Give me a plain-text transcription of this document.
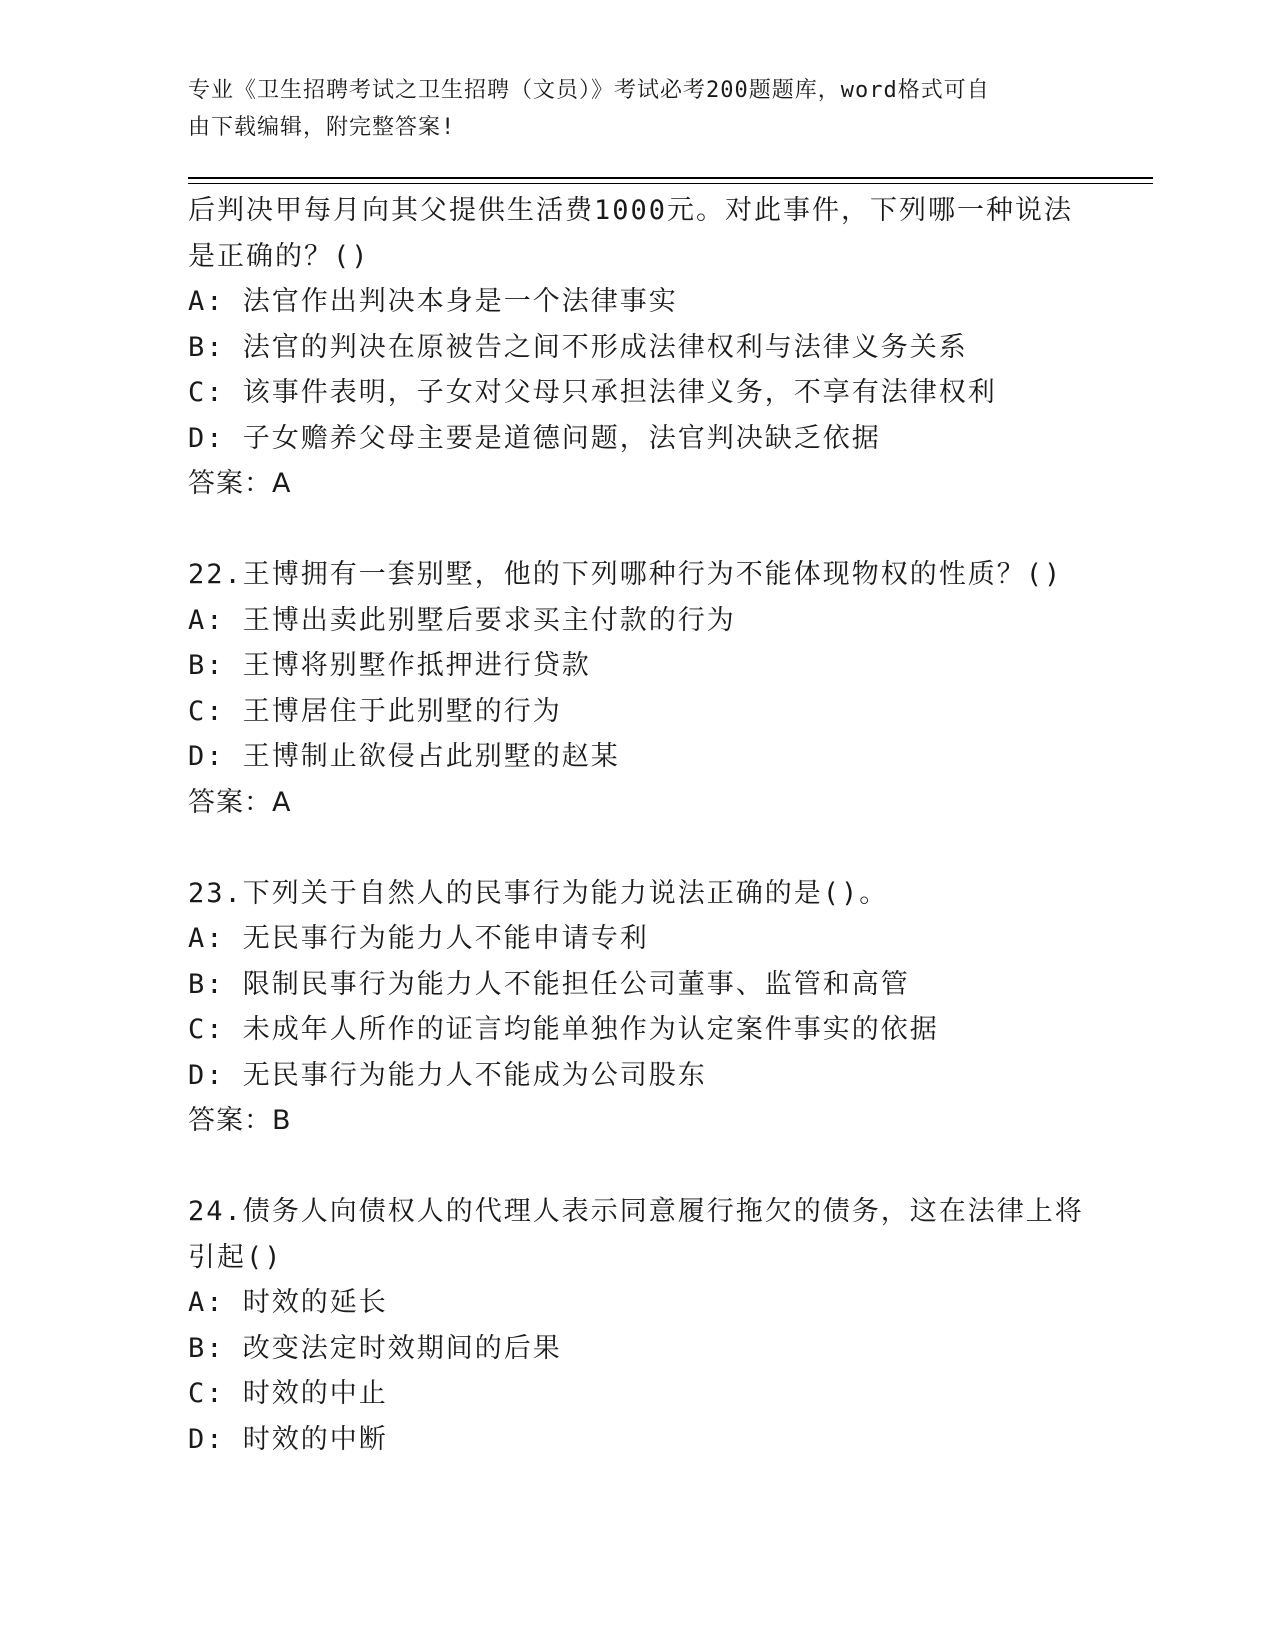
专业《卫生招聘考试之卫生招聘（文员）》考试必考200题题库，word格式可自
由下载编辑，附完整答案!
后判决甲每月向其父提供生活费1000元。对此事件，下列哪一种说法
是正确的？()
A: 法官作出判决本身是一个法律事实
B: 法官的判决在原被告之间不形成法律权利与法律义务关系
C: 该事件表明，子女对父母只承担法律义务，不享有法律权利
D: 子女赡养父母主要是道德问题，法官判决缺乏依据
答案：A
22.王博拥有一套别墅，他的下列哪种行为不能体现物权的性质？()
A: 王博出卖此别墅后要求买主付款的行为
B: 王博将别墅作抵押进行贷款
C: 王博居住于此别墅的行为
D: 王博制止欲侵占此别墅的赵某
答案：A
23.下列关于自然人的民事行为能力说法正确的是()。
A: 无民事行为能力人不能申请专利
B: 限制民事行为能力人不能担任公司董事、监管和高管
C: 未成年人所作的证言均能单独作为认定案件事实的依据
D: 无民事行为能力人不能成为公司股东
答案：B
24.债务人向债权人的代理人表示同意履行拖欠的债务，这在法律上将
引起()
A: 时效的延长
B: 改变法定时效期间的后果
C: 时效的中止
D: 时效的中断
